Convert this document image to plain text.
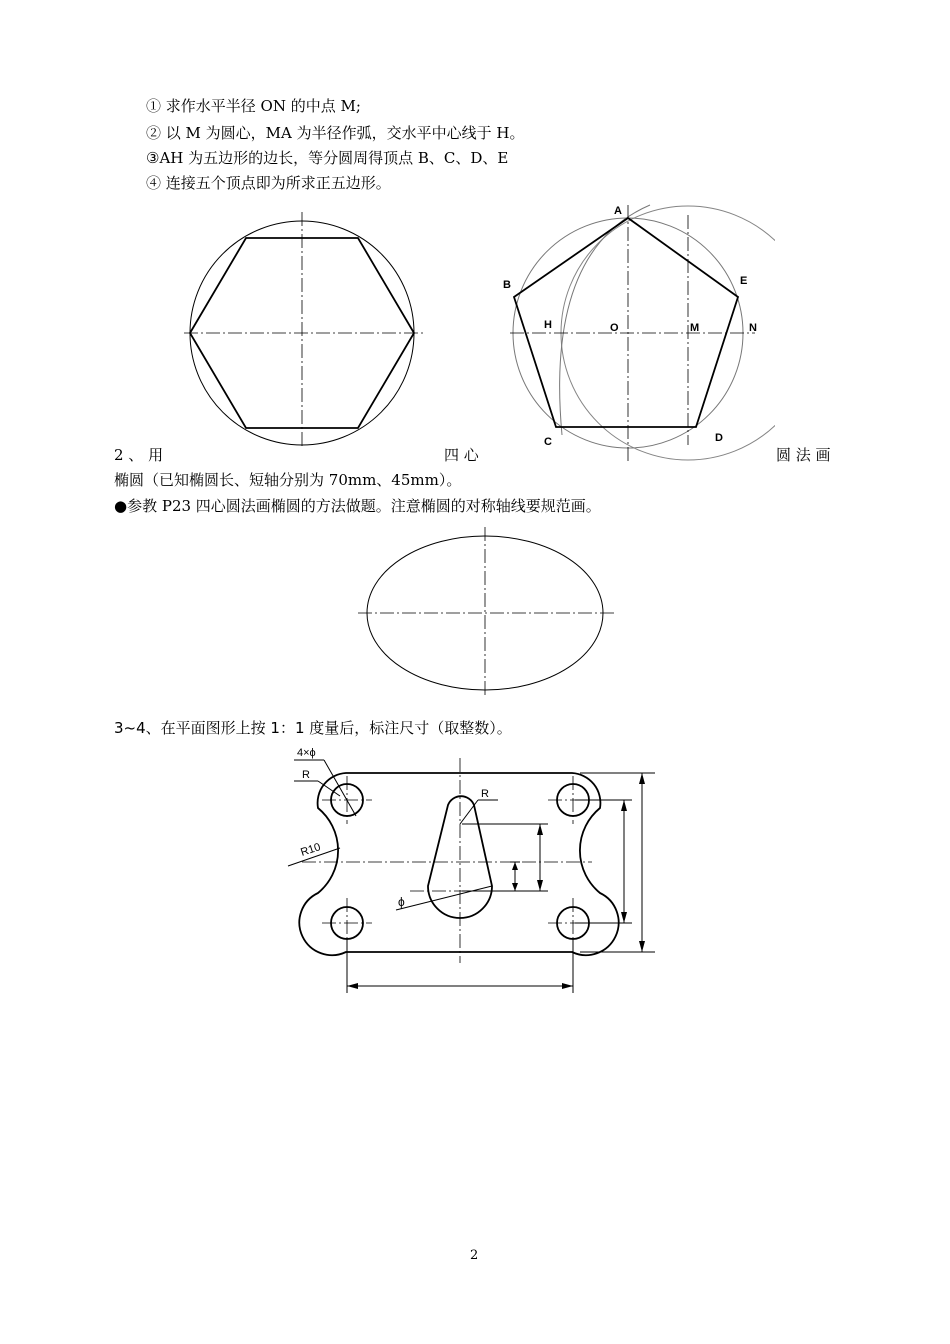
① 求作水平半径 ON 的中点 M;
② 以 M 为圆心，MA 为半径作弧，交水平中心线于 H。
③AH 为五边形的边长，等分圆周得顶点 B、C、D、E
④ 连接五个顶点即为所求正五边形。
A
B
C	D
E
H	O	M	N
2 、 用	四 心	圆 法 画
椭圆（已知椭圆长、短轴分别为 70mm、45mm）。
●参教 P23 四心圆法画椭圆的方法做题。注意椭圆的对称轴线要规范画。
3~4、在平面图形上按 1：1 度量后，标注尺寸（取整数）。
4×ϕ
R
R10
R
ϕ
2
